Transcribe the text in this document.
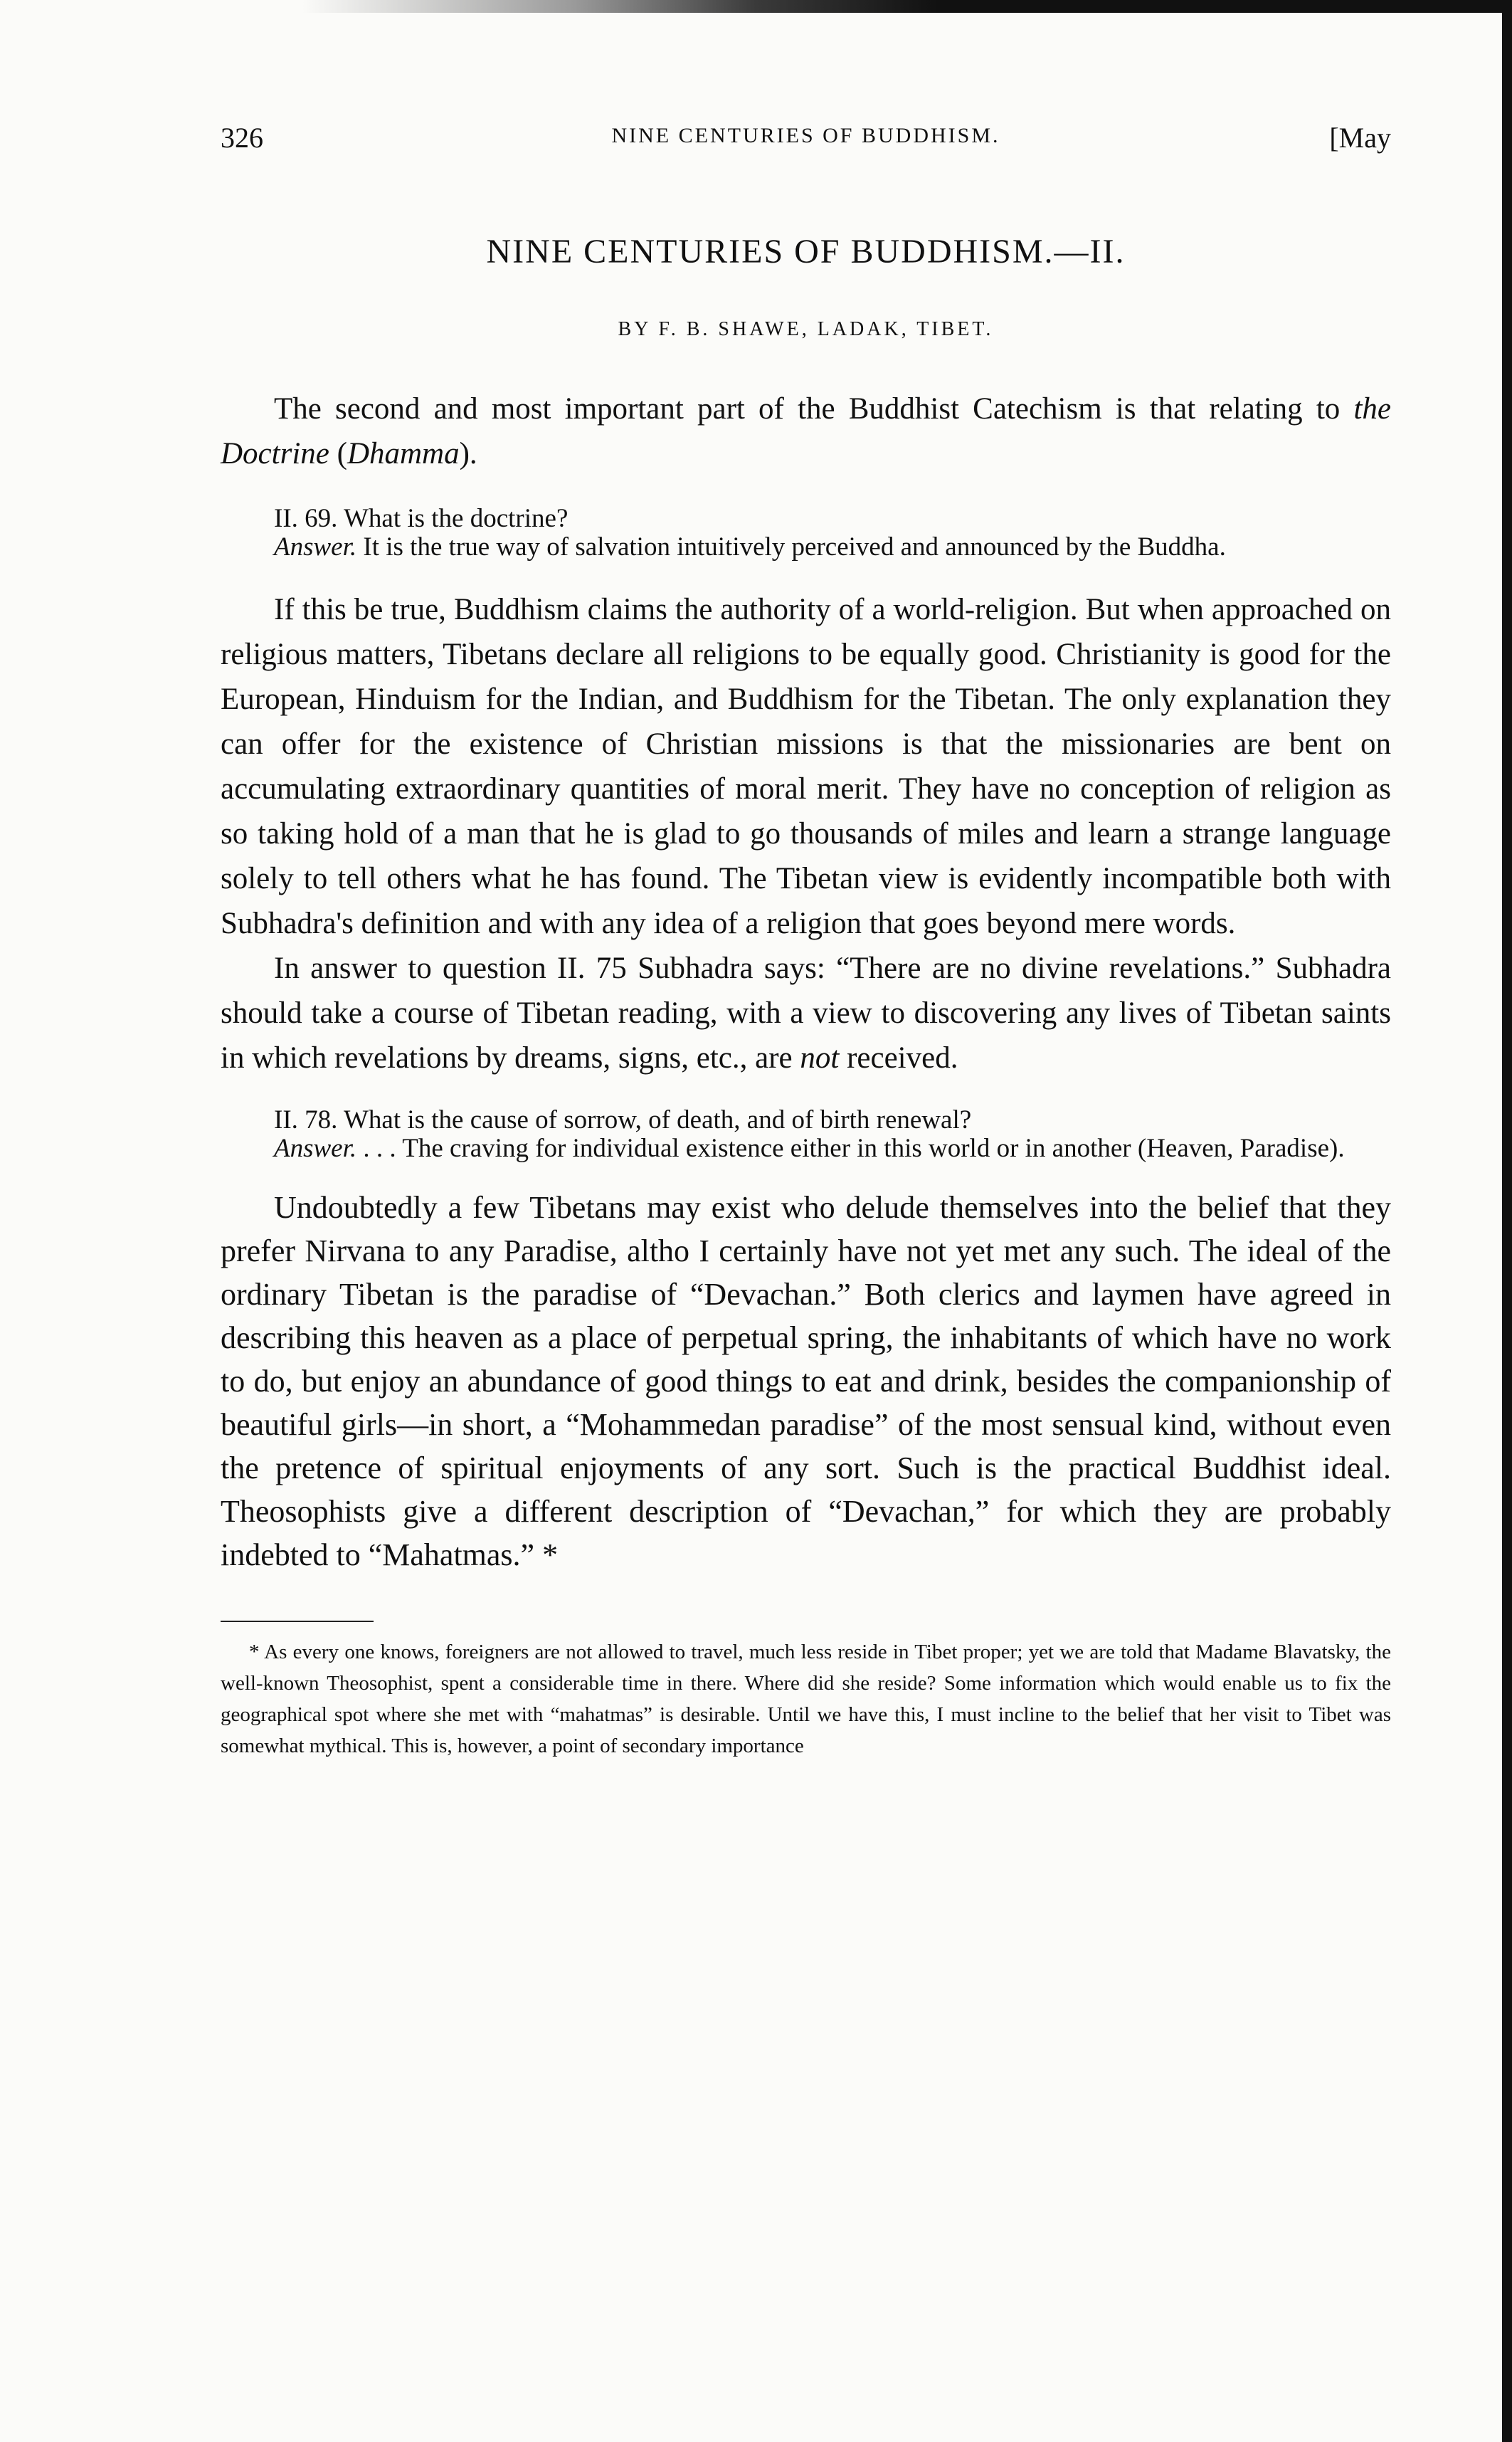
326	NINE CENTURIES OF BUDDHISM.	[May
NINE CENTURIES OF BUDDHISM.—II.
BY F. B. SHAWE, LADAK, TIBET.

The second and most important part of the Buddhist Catechism is that relating to the Doctrine (Dhamma).

II. 69. What is the doctrine?
Answer. It is the true way of salvation intuitively perceived and announced by the Buddha.

If this be true, Buddhism claims the authority of a world-religion. But when approached on religious matters, Tibetans declare all religions to be equally good. Christianity is good for the European, Hinduism for the Indian, and Buddhism for the Tibetan. The only explanation they can offer for the existence of Christian missions is that the missionaries are bent on accumulating extraordinary quantities of moral merit. They have no conception of religion as so taking hold of a man that he is glad to go thousands of miles and learn a strange language solely to tell others what he has found. The Tibetan view is evidently incompatible both with Subhadra's definition and with any idea of a religion that goes beyond mere words.

In answer to question II. 75 Subhadra says: “There are no divine revelations.” Subhadra should take a course of Tibetan reading, with a view to discovering any lives of Tibetan saints in which revelations by dreams, signs, etc., are not received.

II. 78. What is the cause of sorrow, of death, and of birth renewal?
Answer. . . . The craving for individual existence either in this world or in another (Heaven, Paradise).

Undoubtedly a few Tibetans may exist who delude themselves into the belief that they prefer Nirvana to any Paradise, altho I certainly have not yet met any such. The ideal of the ordinary Tibetan is the paradise of “Devachan.” Both clerics and laymen have agreed in describing this heaven as a place of perpetual spring, the inhabitants of which have no work to do, but enjoy an abundance of good things to eat and drink, besides the companionship of beautiful girls—in short, a “Mohammedan paradise” of the most sensual kind, without even the pretence of spiritual enjoyments of any sort. Such is the practical Buddhist ideal. Theosophists give a different description of “Devachan,” for which they are probably indebted to “Mahatmas.” *

* As every one knows, foreigners are not allowed to travel, much less reside in Tibet proper; yet we are told that Madame Blavatsky, the well-known Theosophist, spent a considerable time in there. Where did she reside? Some information which would enable us to fix the geographical spot where she met with “mahatmas” is desirable. Until we have this, I must incline to the belief that her visit to Tibet was somewhat mythical. This is, however, a point of secondary importance
